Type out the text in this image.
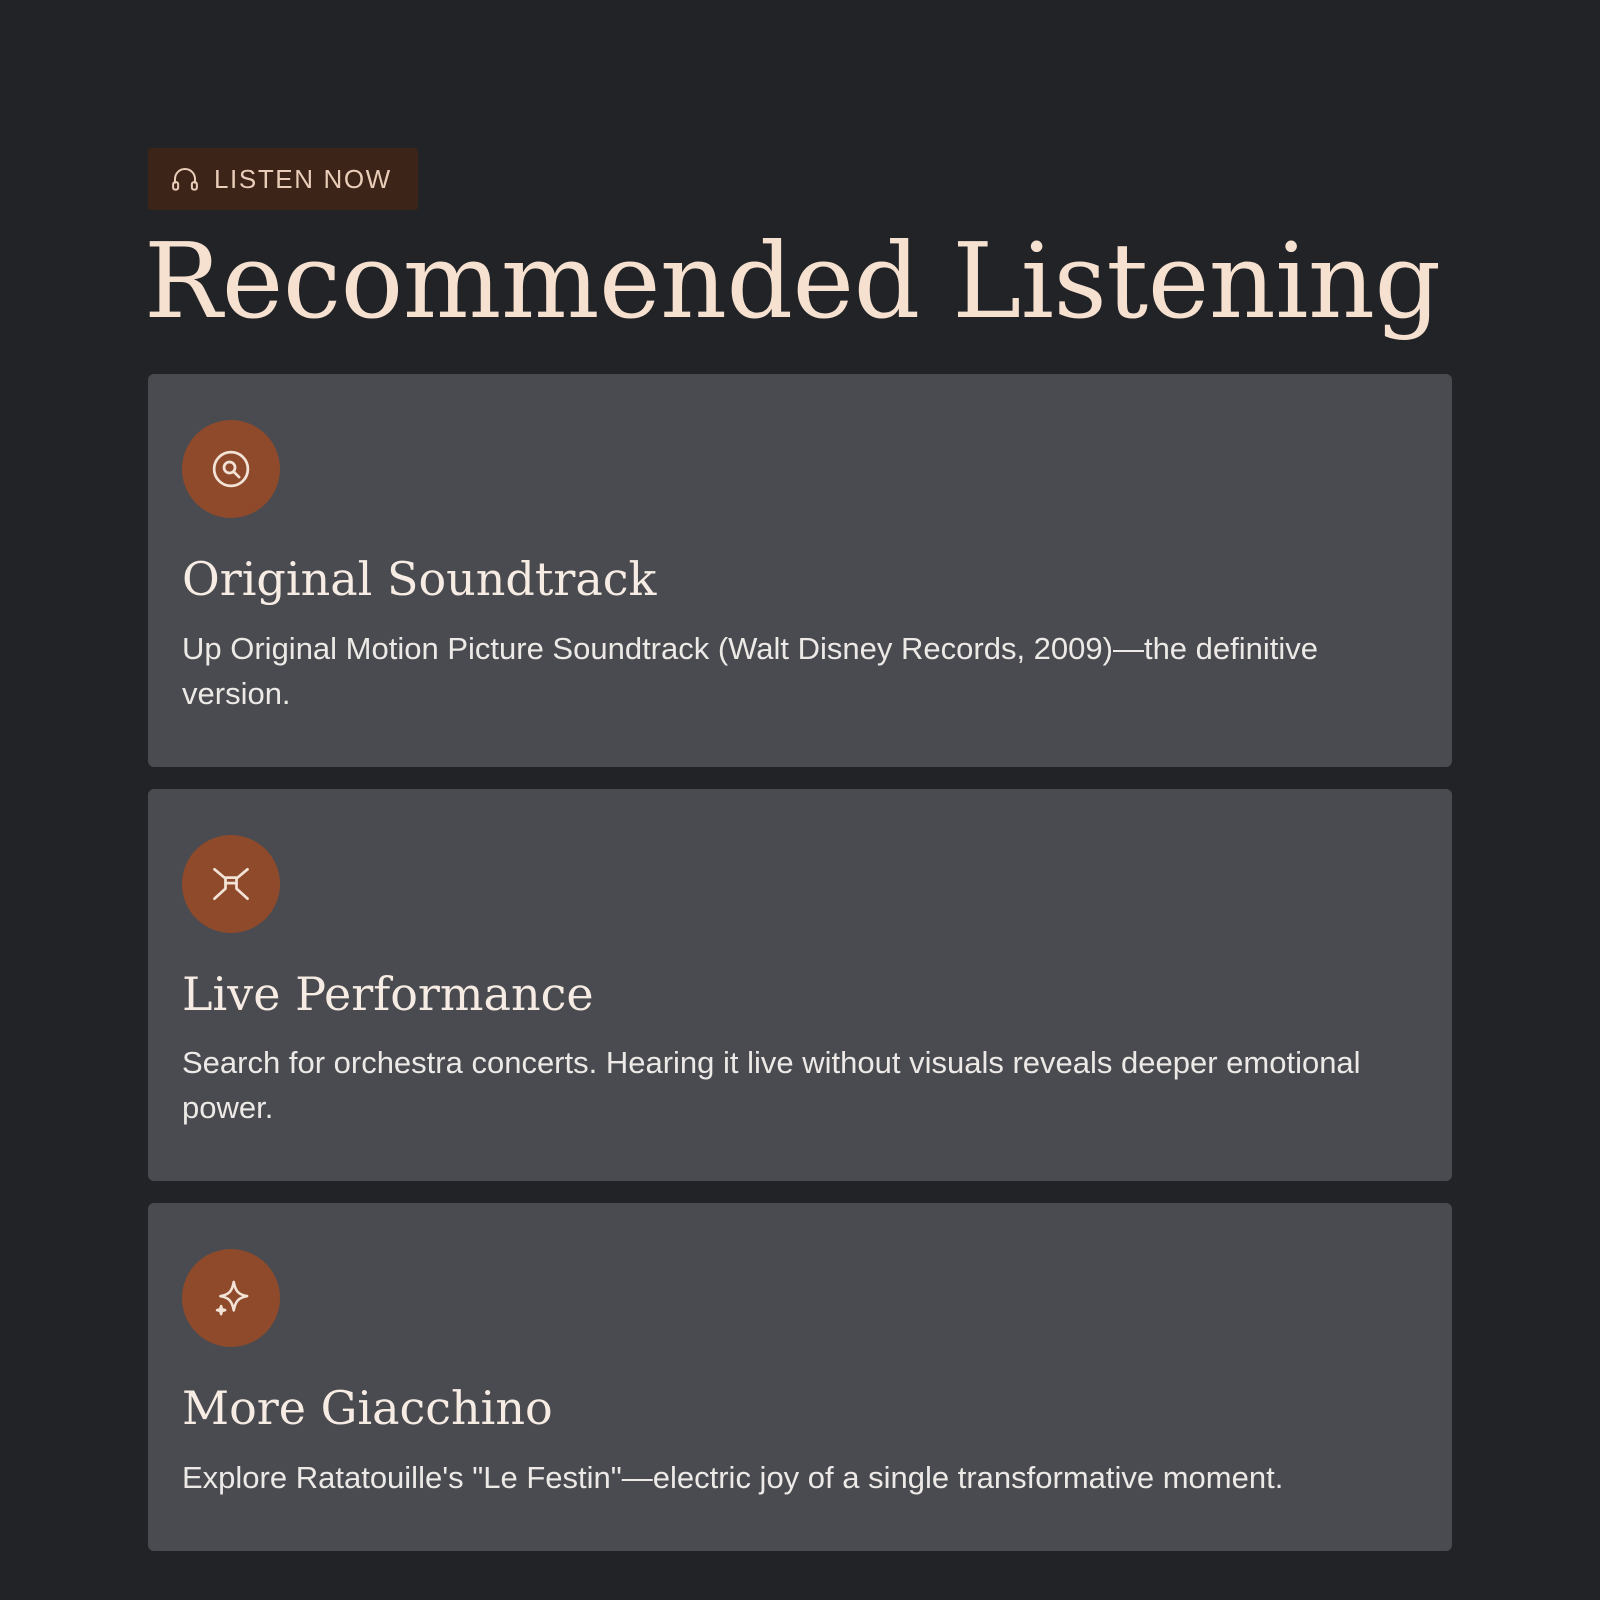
LISTEN NOW
Recommended Listening
Original Soundtrack

Up Original Motion Picture Soundtrack (Walt Disney Records, 2009)—the definitive version.

Live Performance

Search for orchestra concerts. Hearing it live without visuals reveals deeper emotional power.

More Giacchino

Explore Ratatouille's "Le Festin"—electric joy of a single transformative moment.
